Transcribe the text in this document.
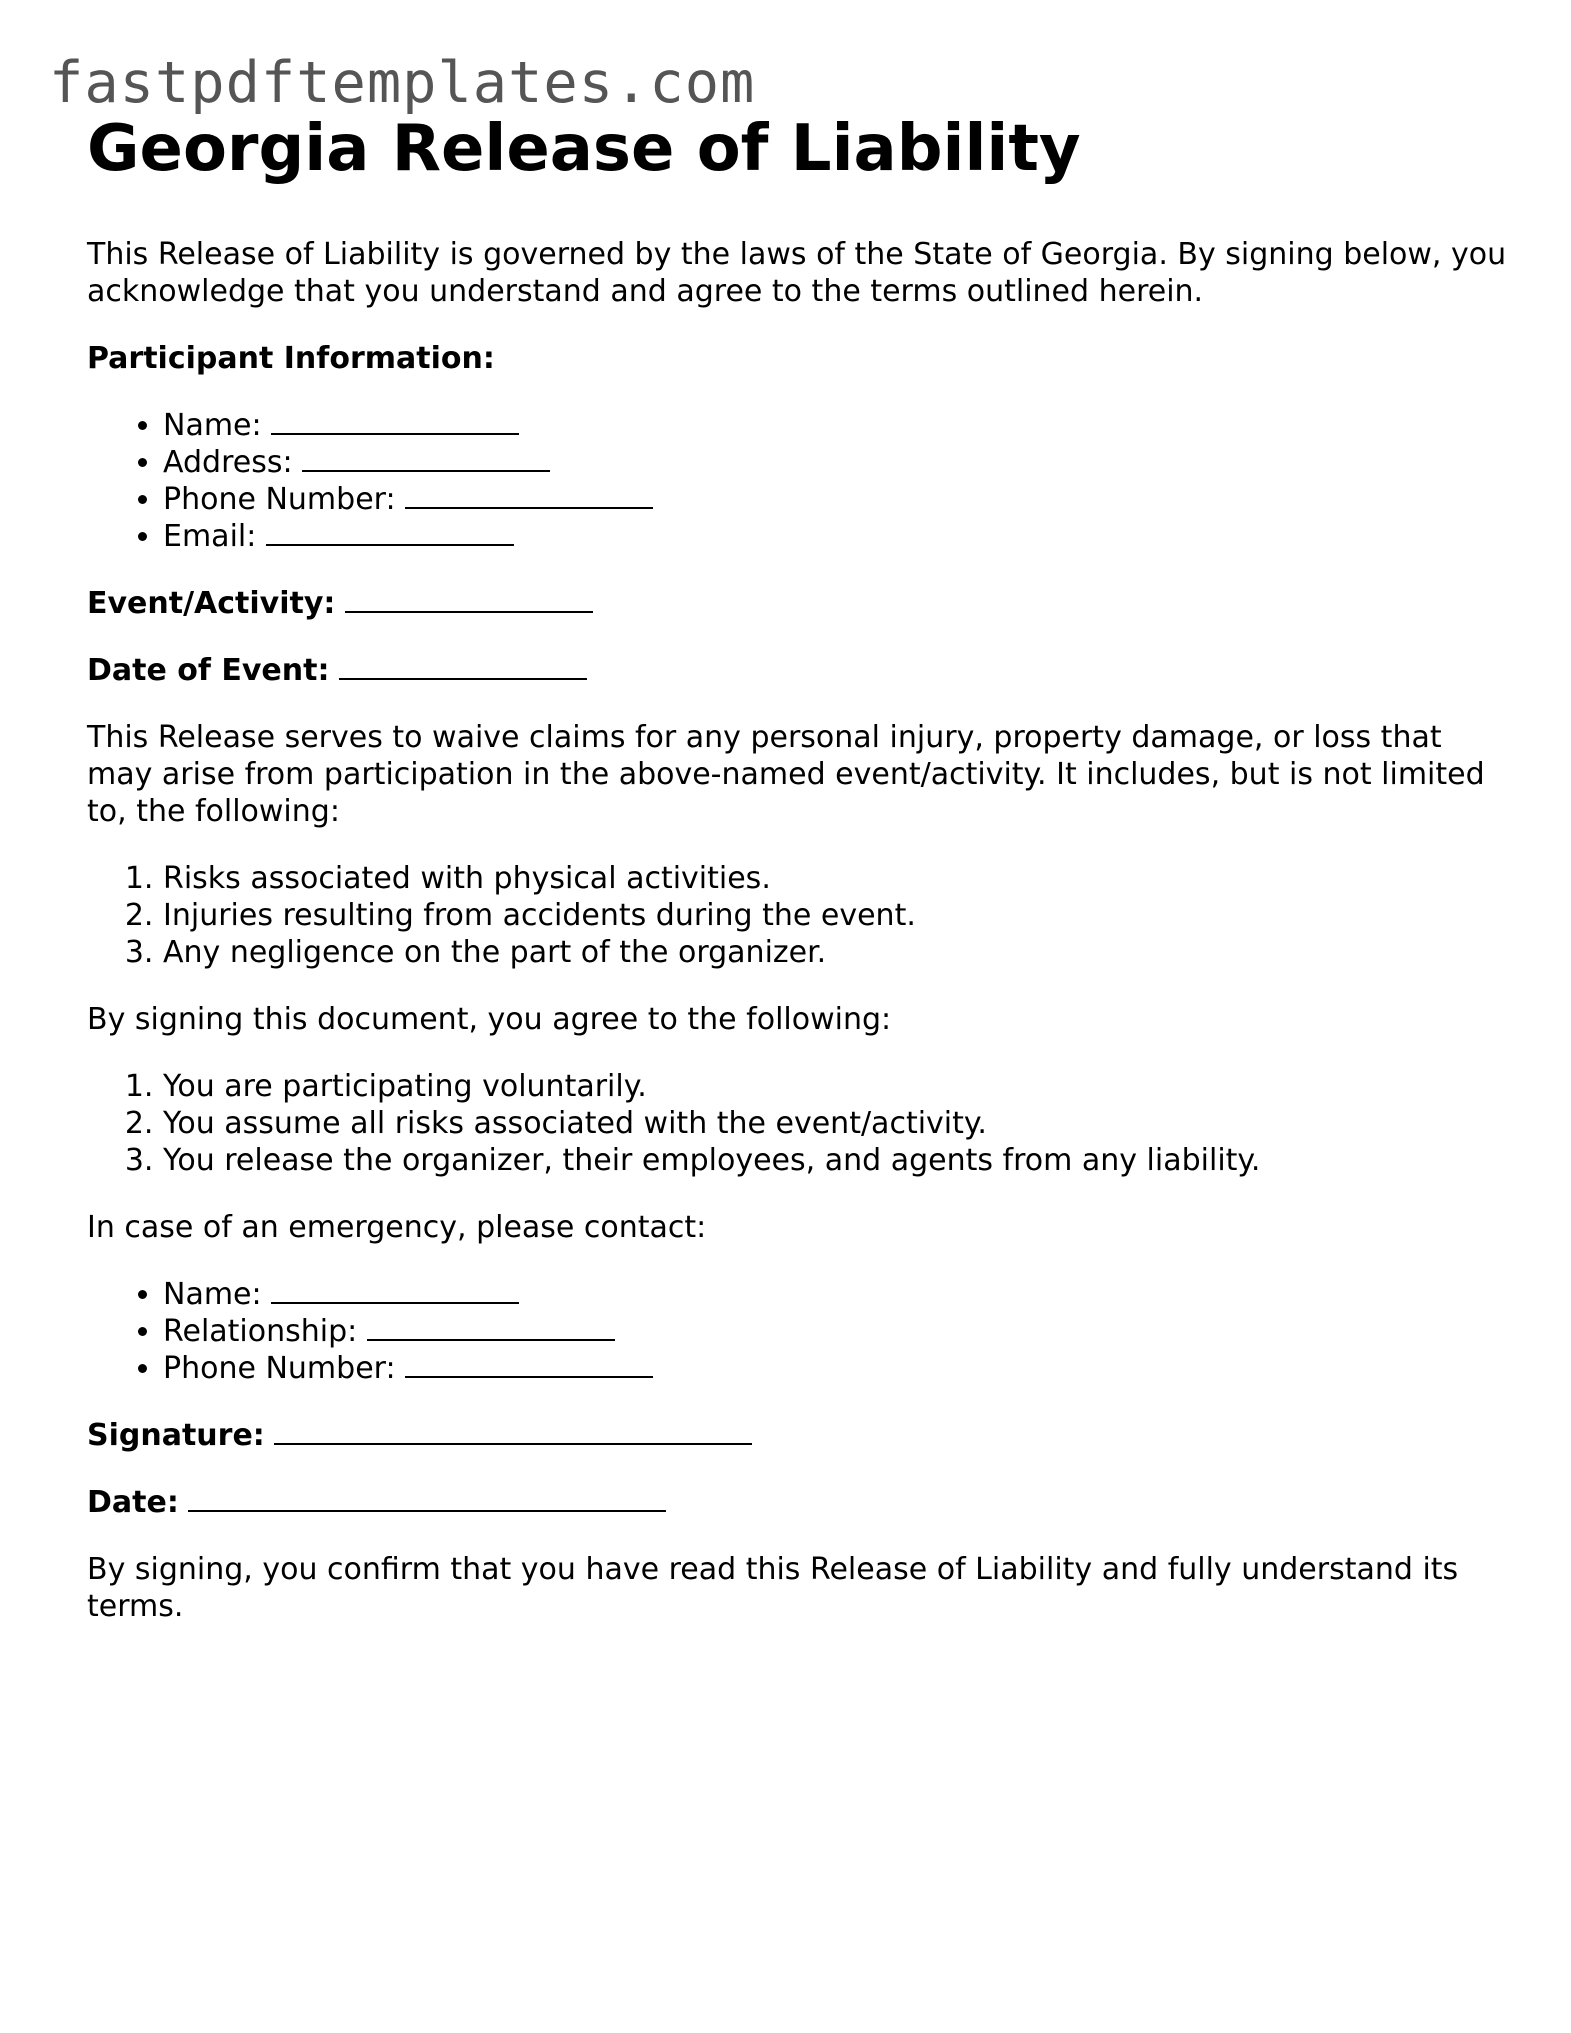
fastpdftemplates.com
Georgia Release of Liability

This Release of Liability is governed by the laws of the State of Georgia. By signing below, you acknowledge that you understand and agree to the terms outlined herein.

Participant Information:

• Name:
• Address:
• Phone Number:
• Email:

Event/Activity:

Date of Event:

This Release serves to waive claims for any personal injury, property damage, or loss that may arise from participation in the above-named event/activity. It includes, but is not limited to, the following:

1. Risks associated with physical activities.
2. Injuries resulting from accidents during the event.
3. Any negligence on the part of the organizer.

By signing this document, you agree to the following:

1. You are participating voluntarily.
2. You assume all risks associated with the event/activity.
3. You release the organizer, their employees, and agents from any liability.

In case of an emergency, please contact:

• Name:
• Relationship:
• Phone Number:

Signature:

Date:

By signing, you confirm that you have read this Release of Liability and fully understand its terms.
